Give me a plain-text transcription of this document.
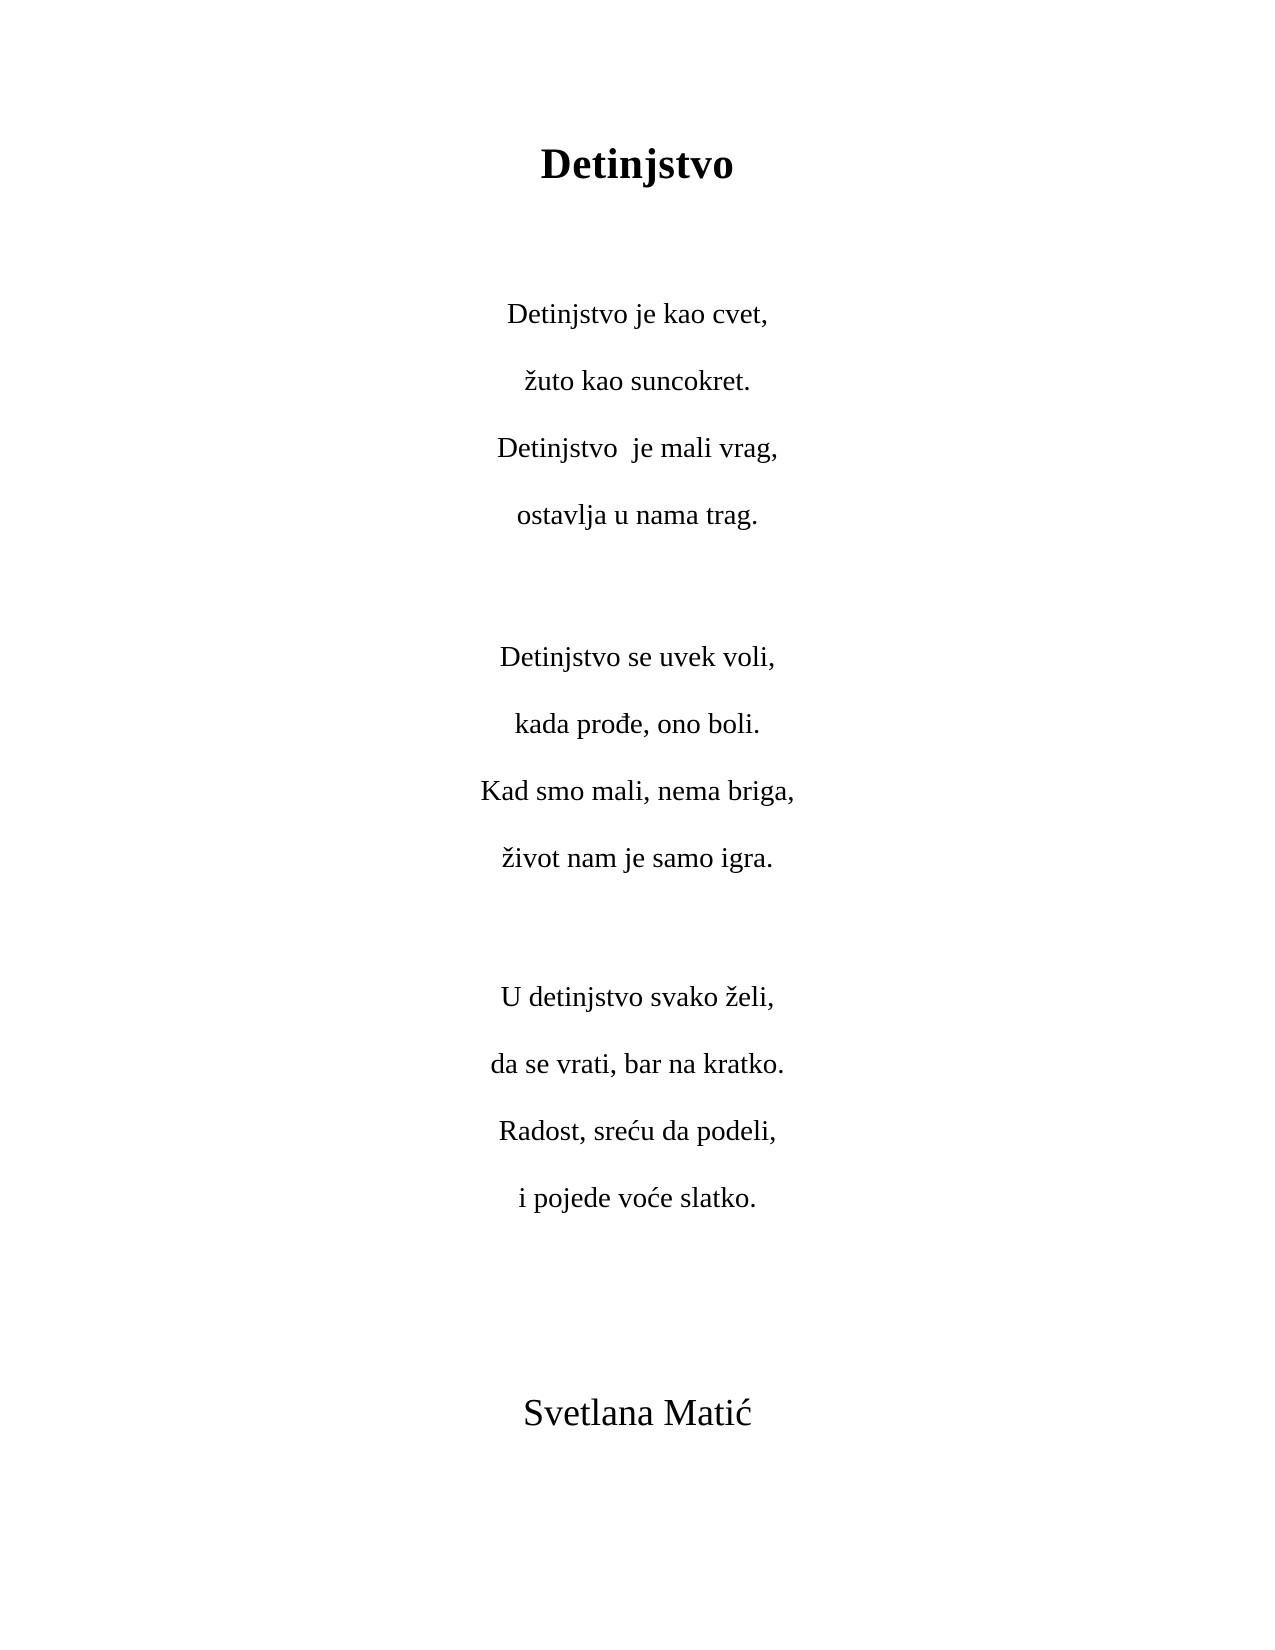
Detinjstvo

Detinjstvo je kao cvet,

žuto kao suncokret.

Detinjstvo  je mali vrag,

ostavlja u nama trag.

Detinjstvo se uvek voli,

kada prođe, ono boli.

Kad smo mali, nema briga,

život nam je samo igra.

U detinjstvo svako želi,

da se vrati, bar na kratko.

Radost, sreću da podeli,

i pojede voće slatko.

Svetlana Matić
